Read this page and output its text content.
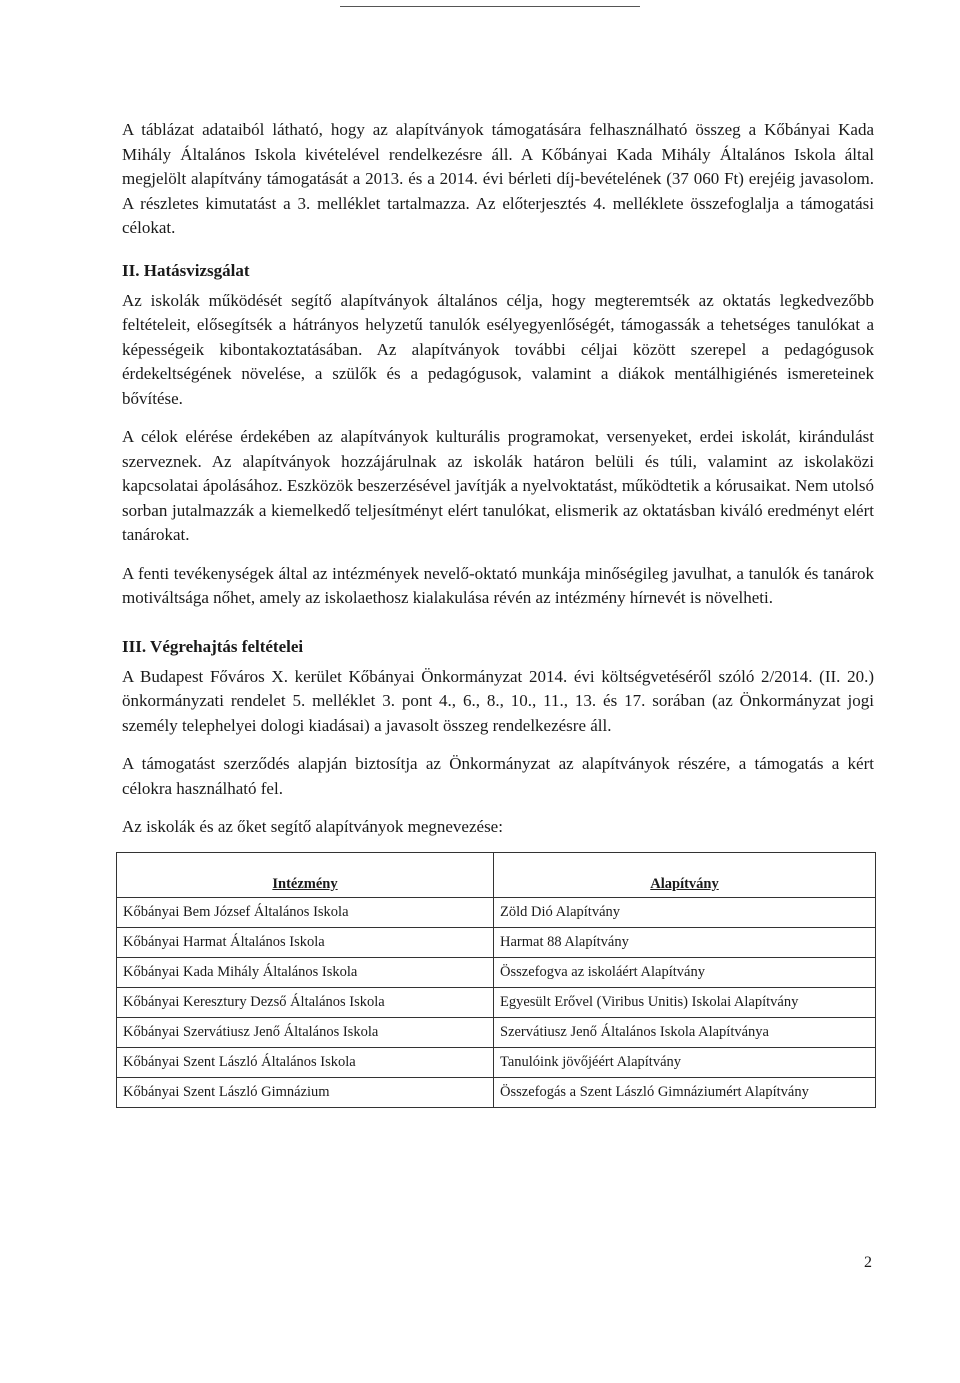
A táblázat adataiból látható, hogy az alapítványok támogatására felhasználható összeg a Kőbányai Kada Mihály Általános Iskola kivételével rendelkezésre áll. A Kőbányai Kada Mihály Általános Iskola által megjelölt alapítvány támogatását a 2013. és a 2014. évi bérleti díj-bevételének (37 060 Ft) erejéig javasolom. A részletes kimutatást a 3. melléklet tartalmazza. Az előterjesztés 4. melléklete összefoglalja a támogatási célokat.

II. Hatásvizsgálat

Az iskolák működését segítő alapítványok általános célja, hogy megteremtsék az oktatás legkedvezőbb feltételeit, elősegítsék a hátrányos helyzetű tanulók esélyegyenlőségét, támogassák a tehetséges tanulókat a képességeik kibontakoztatásában. Az alapítványok további céljai között szerepel a pedagógusok érdekeltségének növelése, a szülők és a pedagógusok, valamint a diákok mentálhigiénés ismereteinek bővítése.

A célok elérése érdekében az alapítványok kulturális programokat, versenyeket, erdei iskolát, kirándulást szerveznek. Az alapítványok hozzájárulnak az iskolák határon belüli és túli, valamint az iskolaközi kapcsolatai ápolásához. Eszközök beszerzésével javítják a nyelvoktatást, működtetik a kórusaikat. Nem utolsó sorban jutalmazzák a kiemelkedő teljesítményt elért tanulókat, elismerik az oktatásban kiváló eredményt elért tanárokat.

A fenti tevékenységek által az intézmények nevelő-oktató munkája minőségileg javulhat, a tanulók és tanárok motiváltsága nőhet, amely az iskolaethosz kialakulása révén az intézmény hírnevét is növelheti.

III. Végrehajtás feltételei

A Budapest Főváros X. kerület Kőbányai Önkormányzat 2014. évi költségvetéséről szóló 2/2014. (II. 20.) önkormányzati rendelet 5. melléklet 3. pont 4., 6., 8., 10., 11., 13. és 17. sorában (az Önkormányzat jogi személy telephelyei dologi kiadásai) a javasolt összeg rendelkezésre áll.

A támogatást szerződés alapján biztosítja az Önkormányzat az alapítványok részére, a támogatás a kért célokra használható fel.

Az iskolák és az őket segítő alapítványok megnevezése:

Intézmény	Alapítvány
Kőbányai Bem József Általános Iskola	Zöld Dió Alapítvány
Kőbányai Harmat Általános Iskola	Harmat 88 Alapítvány
Kőbányai Kada Mihály Általános Iskola	Összefogva az iskoláért Alapítvány
Kőbányai Keresztury Dezső Általános Iskola	Egyesült Erővel (Viribus Unitis) Iskolai Alapítvány
Kőbányai Szervátiusz Jenő Általános Iskola	Szervátiusz Jenő Általános Iskola Alapítványa
Kőbányai Szent László Általános Iskola	Tanulóink jövőjéért Alapítvány
Kőbányai Szent László Gimnázium	Összefogás a Szent László Gimnáziumért Alapítvány
2
